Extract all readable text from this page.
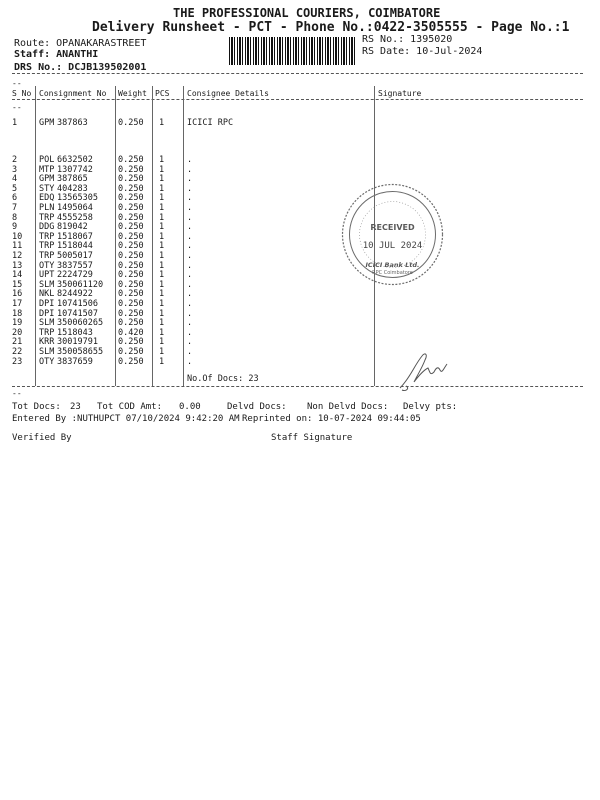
THE PROFESSIONAL COURIERS, COIMBATORE
Delivery Runsheet - PCT - Phone No.:0422-3505555 - Page No.:1
Route: OPANAKARASTREET
Staff: ANANTHI
DRS No.: DCJB139502001
RS No.: 1395020
RS Date: 10-Jul-2024
--
--
--
S No Consignment No Weight PCS Consignee Details	Signature
1	GPM 387863	0.250 1	ICICI RPC
2	POL 6632502	0.250 1	.
3	MTP 1307742	0.250 1	.
4	GPM 387865	0.250 1	.
5	STY 404283	0.250 1	.
6	EDQ 13565305 0.250 1	.
7	PLN 1495064	0.250 1	.
8	TRP 4555258	0.250 1	.
9	DDG 819042	0.250 1	.
10 TRP 1518067	0.250 1	.
11 TRP 1518044	0.250 1	.
12 TRP 5005017	0.250 1	.
13 OTY 3837557	0.250 1	.
14 UPT 2224729	0.250 1	.
15 SLM 350061120 0.250 1	.
16 NKL 8244922	0.250 1	.
17 DPI 10741506 0.250 1	.
18 DPI 10741507 0.250 1	.
19 SLM 350060265 0.250 1	.
20 TRP 1518043	0.420 1	.
21 KRR 30019791 0.250 1	.
22 SLM 350058655 0.250 1	.
23 OTY 3837659	0.250 1	.
No.Of Docs: 23
RECEIVED
10 JUL 2024
ICICI Bank Ltd.
RPC Coimbatore
Tot Docs: 23 Tot COD Amt: 0.00	Delvd Docs: Non Delvd Docs: Delvy pts:
Entered By :NUTHUPCT 07/10/2024 9:42:20 AM Reprinted on: 10-07-2024 09:44:05
Verified By	Staff Signature
